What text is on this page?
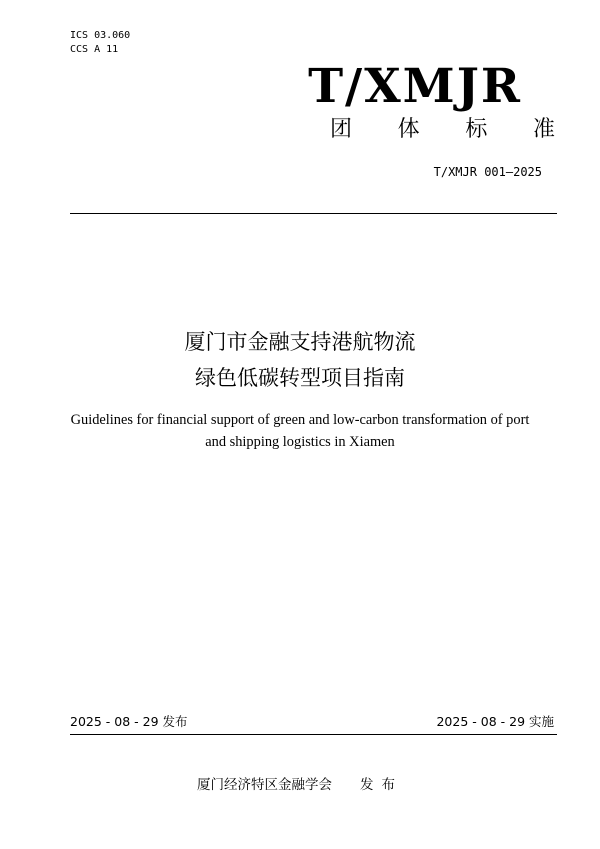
ICS 03.060
CCS A 11
T/XMJR
团 体 标 准
T/XMJR 001—2025
厦门市金融支持港航物流
绿色低碳转型项目指南
Guidelines for financial support of green and low-carbon transformation of port and shipping logistics in Xiamen
2025 - 08 - 29 发布	2025 - 08 - 29 实施
厦门经济特区金融学会 发布
